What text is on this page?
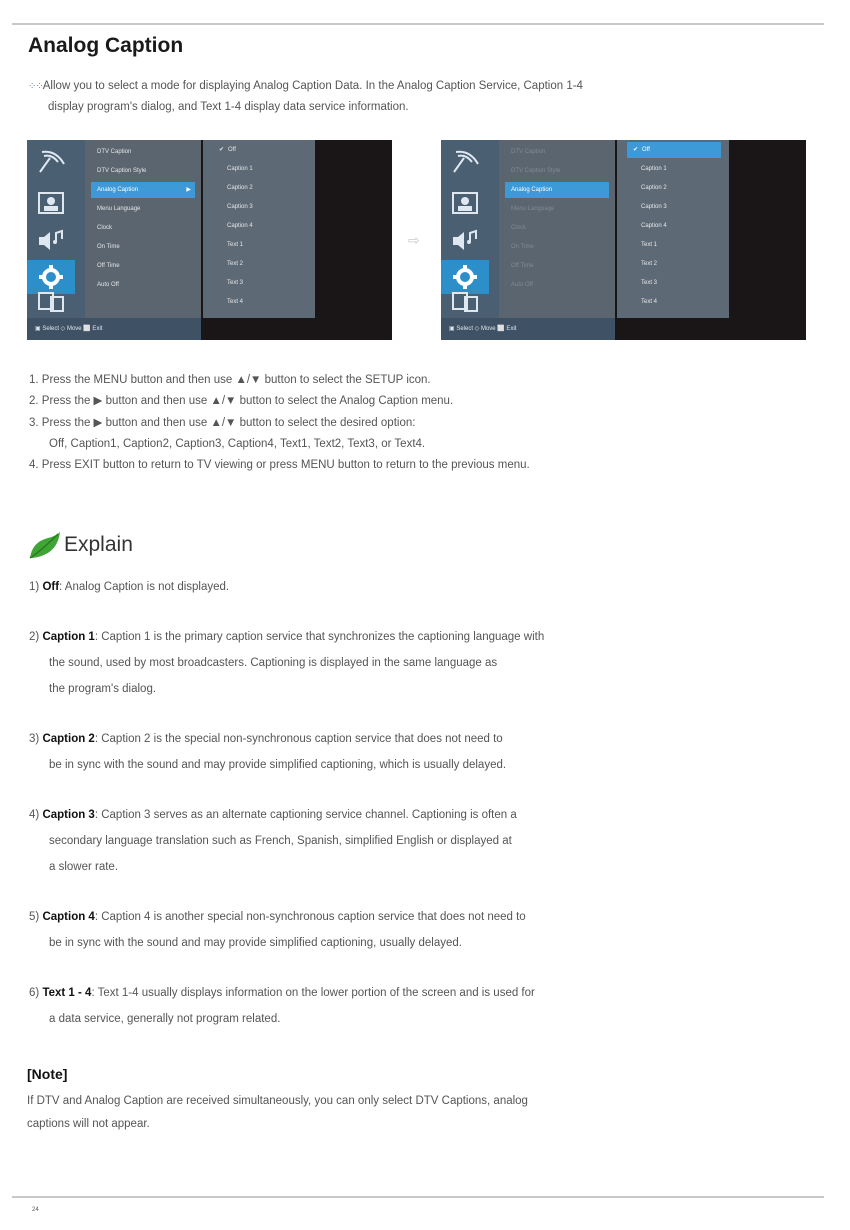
Analog Caption
⁘⁘Allow you to select a mode for displaying Analog Caption Data. In the Analog Caption Service, Caption 1-4
display program's dialog, and Text 1-4 display data service information.
DTV Caption
DTV Caption Style
Analog Caption	▶
Menu Language
Clock
On Time
Off Time
Auto Off
✔ Off
Caption 1
Caption 2
Caption 3
Caption 4
Text 1
Text 2
Text 3
Text 4
▣ Select ◇ Move ⬜ Exit
⇨
DTV Caption
DTV Caption Style
Analog Caption
Menu Language
Clock
On Time
Off Time
Auto Off
✔ Off
Caption 1
Caption 2
Caption 3
Caption 4
Text 1
Text 2
Text 3
Text 4
▣ Select ◇ Move ⬜ Exit
1. Press the MENU button and then use ▲/▼ button to select the SETUP icon.
2. Press the ▶ button and then use ▲/▼ button to select the Analog Caption menu.
3. Press the ▶ button and then use ▲/▼ button to select the desired option:
Off, Caption1, Caption2, Caption3, Caption4, Text1, Text2, Text3, or Text4.
4. Press EXIT button to return to TV viewing or press MENU button to return to the previous menu.
Explain
1) Off: Analog Caption is not displayed.
2) Caption 1: Caption 1 is the primary caption service that synchronizes the captioning language with
the sound, used by most broadcasters. Captioning is displayed in the same language as
the program's dialog.
3) Caption 2: Caption 2 is the special non-synchronous caption service that does not need to
be in sync with the sound and may provide simplified captioning, which is usually delayed.
4) Caption 3: Caption 3 serves as an alternate captioning service channel. Captioning is often a
secondary language translation such as French, Spanish, simplified English or displayed at
a slower rate.
5) Caption 4: Caption 4 is another special non-synchronous caption service that does not need to
be in sync with the sound and may provide simplified captioning, usually delayed.
6) Text 1 - 4: Text 1-4 usually displays information on the lower portion of the screen and is used for
a data service, generally not program related.
[Note]
If DTV and Analog Caption are received simultaneously, you can only select DTV Captions, analog
captions will not appear.
24
